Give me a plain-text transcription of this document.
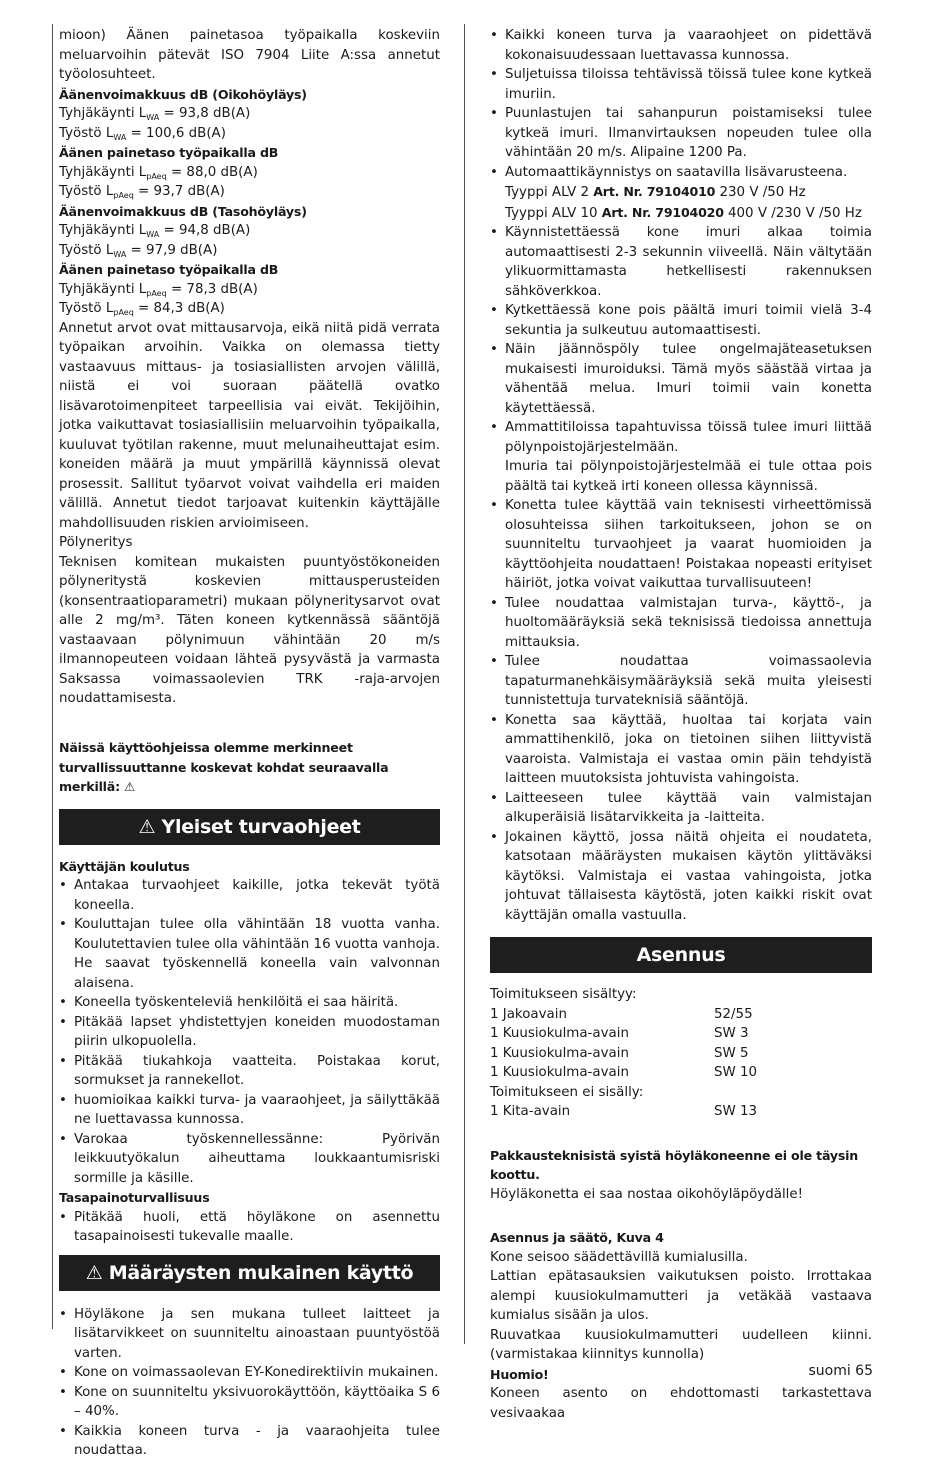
mioon) Äänen painetasoa työpaikalla koskeviin meluarvoihin pätevät ISO 7904 Liite A:ssa annetut työolosuhteet.

Äänenvoimakkuus dB (Oikohöyläys)

Tyhjäkäynti $L_{WA} = 93,8$ dB(A)

Työstö $L_{WA} = 100,6$ dB(A)

Äänen painetaso työpaikalla dB

Tyhjäkäynti $L_{pAeq} = 88,0$ dB(A)

Työstö $L_{pAeq} = 93,7$ dB(A)

Äänenvoimakkuus dB (Tasohöyläys)

Tyhjäkäynti $L_{WA} = 94,8$ dB(A)

Työstö $L_{WA} = 97,9$ dB(A)

Äänen painetaso työpaikalla dB

Tyhjäkäynti $L_{pAeq} = 78,3$ dB(A)

Työstö $L_{pAeq} = 84,3$ dB(A)

Annetut arvot ovat mittausarvoja, eikä niitä pidä verrata työpaikan arvoihin. Vaikka on olemassa tietty vastaavuus mittaus- ja tosiasiallisten arvojen välillä, niistä ei voi suoraan päätellä ovatko lisävarotoimenpiteet tarpeellisia vai eivät. Tekijöihin, jotka vaikuttavat tosiasiallisiin meluarvoihin työpaikalla, kuuluvat työtilan rakenne, muut melunaiheuttajat esim. koneiden määrä ja muut ympärillä käynnissä olevat prosessit. Sallitut työarvot voivat vaihdella eri maiden välillä. Annetut tiedot tarjoavat kuitenkin käyttäjälle mahdollisuuden riskien arvioimiseen.

Pölyneritys

Teknisen komitean mukaisten puuntyöstökoneiden pölyneritystä koskevien mittausperusteiden (konsentraatioparametri) mukaan pölyneritysarvot ovat alle 2 mg/m³. Täten koneen kytkennässä sääntöjä vastaavaan pölynimuun vähintään 20 m/s ilmannopeuteen voidaan lähteä pysyvästä ja varmasta Saksassa voimassaolevien TRK -raja-arvojen noudattamisesta.

Näissä käyttöohjeissa olemme merkinneet turvallissuuttanne koskevat kohdat seuraavalla merkillä: ⚠

⚠ Yleiset turvaohjeet

Käyttäjän koulutus

• Antakaa turvaohjeet kaikille, jotka tekevät työtä koneella.
• Kouluttajan tulee olla vähintään 18 vuotta vanha. Koulutettavien tulee olla vähintään 16 vuotta vanhoja. He saavat työskennellä koneella vain valvonnan alaisena.
• Koneella työskenteleviä henkilöitä ei saa häiritä.
• Pitäkää lapset yhdistettyjen koneiden muodostaman piirin ulkopuolella.
• Pitäkää tiukahkoja vaatteita. Poistakaa korut, sormukset ja rannekellot.
• huomioikaa kaikki turva- ja vaaraohjeet, ja säilyttäkää ne luettavassa kunnossa.
• Varokaa työskennellessänne: Pyörivän leikkuutyökalun aiheuttama loukkaantumisriski sormille ja käsille.

Tasapainoturvallisuus

• Pitäkää huoli, että höyläkone on asennettu tasapainoisesti tukevalle maalle.
⚠ Määräysten mukainen käyttö
• Höyläkone ja sen mukana tulleet laitteet ja lisätarvikkeet on suunniteltu ainoastaan puuntyöstöä varten.
• Kone on voimassaolevan EY-Konedirektiivin mukainen.
• Kone on suunniteltu yksivuorokäyttöön, käyttöaika S 6 – 40%.
• Kaikkia koneen turva - ja vaaraohjeita tulee noudattaa.
• Kaikki koneen turva ja vaaraohjeet on pidettävä kokonaisuudessaan luettavassa kunnossa.
• Suljetuissa tiloissa tehtävissä töissä tulee kone kytkeä imuriin.
• Puunlastujen tai sahanpurun poistamiseksi tulee kytkeä imuri. Ilmanvirtauksen nopeuden tulee olla vähintään 20 m/s. Alipaine 1200 Pa.
• Automaattikäynnistys on saatavilla lisävarusteena.

Tyyppi ALV 2 Art. Nr. 79104010 230 V /50 Hz

Tyyppi ALV 10 Art. Nr. 79104020 400 V /230 V /50 Hz

• Käynnistettäessä kone imuri alkaa toimia automaattisesti 2-3 sekunnin viiveellä. Näin vältytään ylikuormittamasta hetkellisesti rakennuksen sähköverkkoa.
• Kytkettäessä kone pois päältä imuri toimii vielä 3-4 sekuntia ja sulkeutuu automaattisesti.
• Näin jäännöspöly tulee ongelmajäteasetuksen mukaisesti imuroiduksi. Tämä myös säästää virtaa ja vähentää melua. Imuri toimii vain konetta käytettäessä.
• Ammattitiloissa tapahtuvissa töissä tulee imuri liittää pölynpoistojärjestelmään.

Imuria tai pölynpoistojärjestelmää ei tule ottaa pois päältä tai kytkeä irti koneen ollessa käynnissä.

• Konetta tulee käyttää vain teknisesti virheettömissä olosuhteissa siihen tarkoitukseen, johon se on suunniteltu turvaohjeet ja vaarat huomioiden ja käyttöohjeita noudattaen! Poistakaa nopeasti erityiset häiriöt, jotka voivat vaikuttaa turvallisuuteen!
• Tulee noudattaa valmistajan turva-, käyttö-, ja huoltomääräyksiä sekä teknisissä tiedoissa annettuja mittauksia.
• Tulee noudattaa voimassaolevia tapaturmanehkäisymääräyksiä sekä muita yleisesti tunnistettuja turvateknisiä sääntöjä.
• Konetta saa käyttää, huoltaa tai korjata vain ammattihenkilö, joka on tietoinen siihen liittyvistä vaaroista. Valmistaja ei vastaa omin päin tehdyistä laitteen muutoksista johtuvista vahingoista.
• Laitteeseen tulee käyttää vain valmistajan alkuperäisiä lisätarvikkeita ja -laitteita.
• Jokainen käyttö, jossa näitä ohjeita ei noudateta, katsotaan määräysten mukaisen käytön ylittäväksi käytöksi. Valmistaja ei vastaa vahingoista, jotka johtuvat tällaisesta käytöstä, joten kaikki riskit ovat käyttäjän omalla vastuulla.
Asennus

Toimitukseen sisältyy:

1 Jakoavain	52/55
1 Kuusiokulma-avain	SW 3
1 Kuusiokulma-avain	SW 5
1 Kuusiokulma-avain	SW 10

Toimitukseen ei sisälly:

1 Kita-avain	SW 13

Pakkausteknisistä syistä höyläkoneenne ei ole täysin koottu.

Höyläkonetta ei saa nostaa oikohöyläpöydälle!

Asennus ja säätö, Kuva 4

Kone seisoo säädettävillä kumialusilla.

Lattian epätasauksien vaikutuksen poisto. Irrottakaa alempi kuusiokulmamutteri ja vetäkää vastaava kumialus sisään ja ulos.

Ruuvatkaa kuusiokulmamutteri uudelleen kiinni. (varmistakaa kiinnitys kunnolla)

Huomio!

Koneen asento on ehdottomasti tarkastettava vesivaakaa

suomi 65
